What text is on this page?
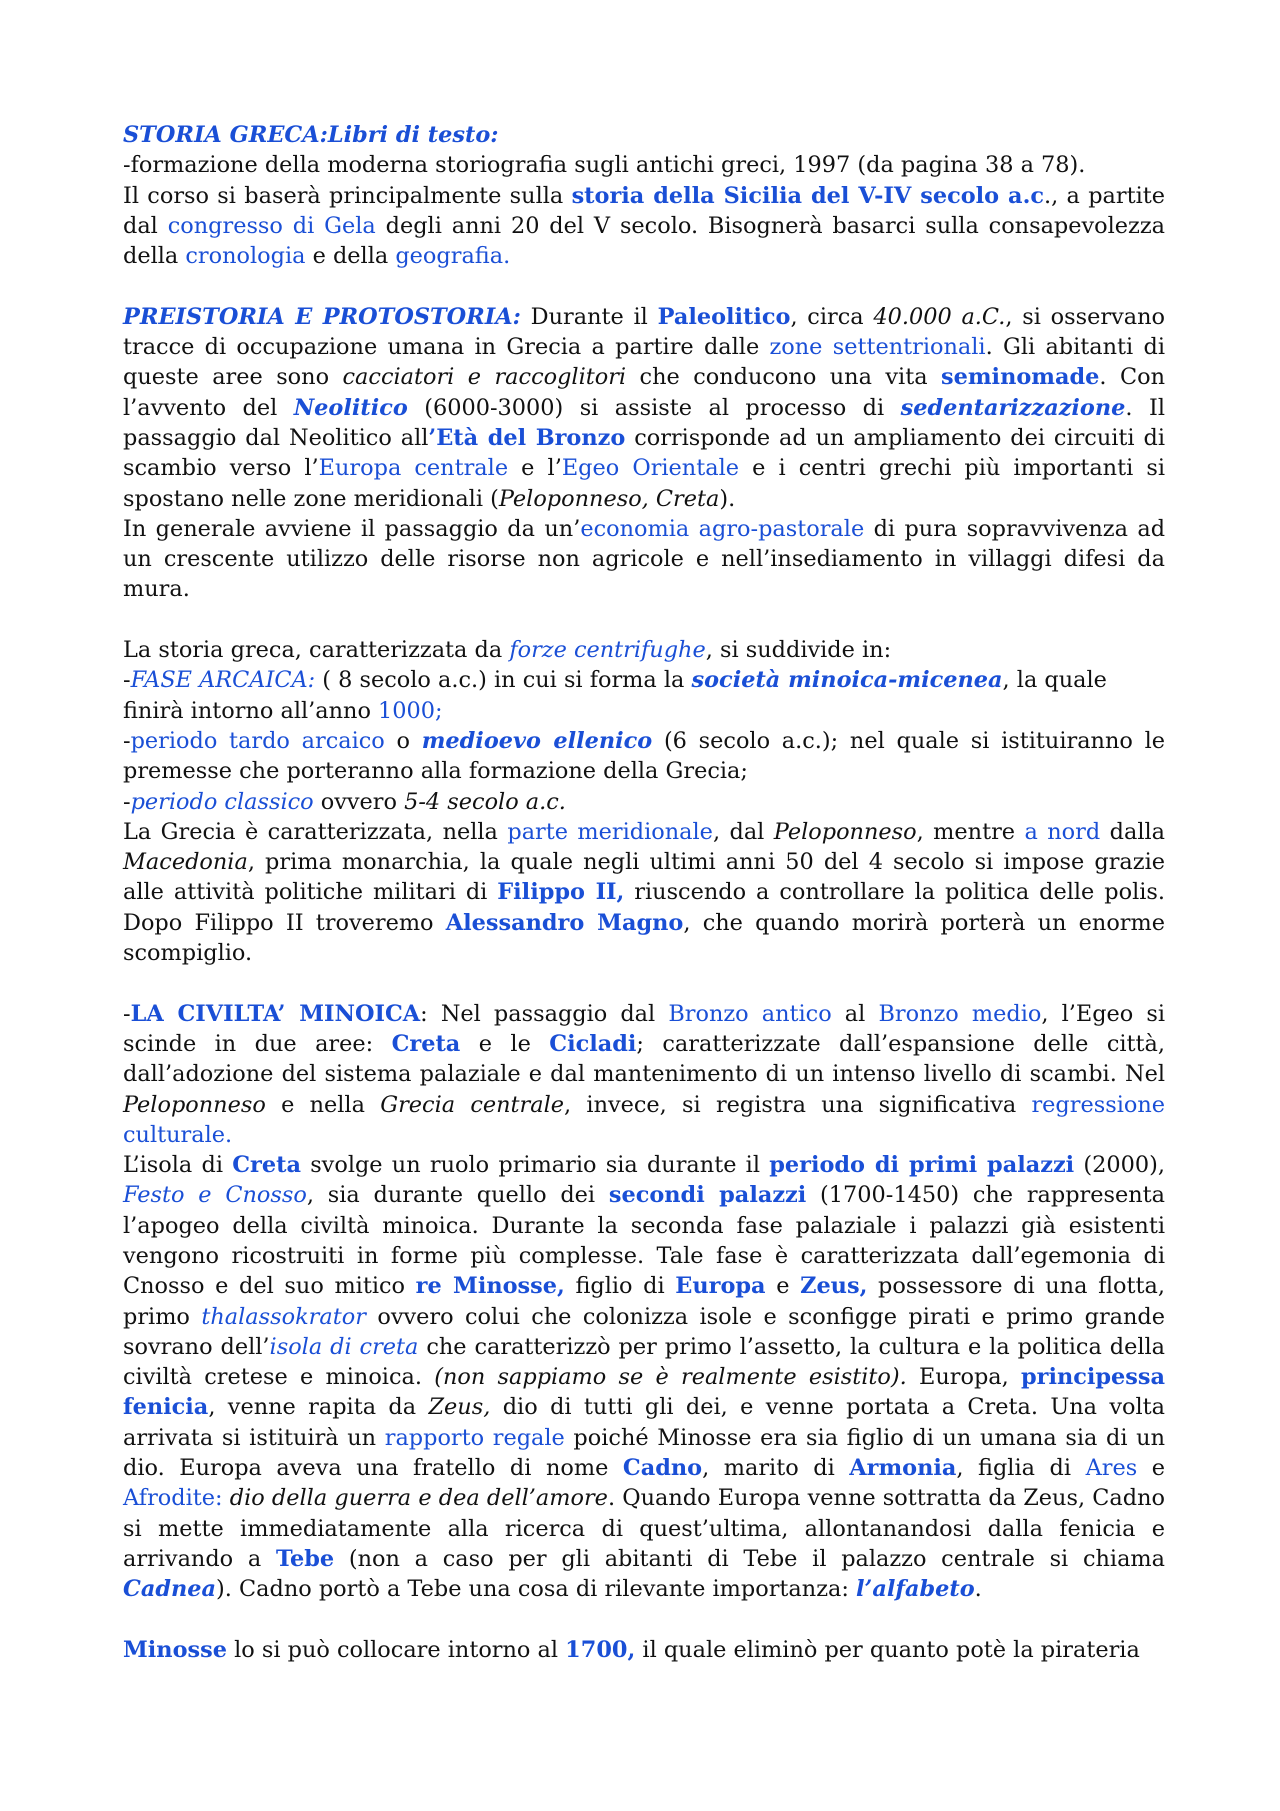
STORIA GRECA:Libri di testo:

-formazione della moderna storiografia sugli antichi greci, 1997 (da pagina 38 a 78).

Il corso si baserà principalmente sulla storia della Sicilia del V-IV secolo a.c., a partite dal congresso di Gela degli anni 20 del V secolo. Bisognerà basarci sulla consapevolezza della cronologia e della geografia.

PREISTORIA E PROTOSTORIA: Durante il Paleolitico, circa 40.000 a.C., si osservano tracce di occupazione umana in Grecia a partire dalle zone settentrionali. Gli abitanti di queste aree sono cacciatori e raccoglitori che conducono una vita seminomade. Con l’avvento del Neolitico (6000-3000) si assiste al processo di sedentarizzazione. Il passaggio dal Neolitico all’Età del Bronzo corrisponde ad un ampliamento dei circuiti di scambio verso l’Europa centrale e l’Egeo Orientale e i centri grechi più importanti si spostano nelle zone meridionali (Peloponneso, Creta).

In generale avviene il passaggio da un’economia agro-pastorale di pura sopravvivenza ad un crescente utilizzo delle risorse non agricole e nell’insediamento in villaggi difesi da mura.

La storia greca, caratterizzata da forze centrifughe, si suddivide in:

-FASE ARCAICA: ( 8 secolo a.c.) in cui si forma la società minoica-micenea, la quale finirà intorno all’anno 1000;

-periodo tardo arcaico o medioevo ellenico (6 secolo a.c.); nel quale si istituiranno le premesse che porteranno alla formazione della Grecia;

-periodo classico ovvero 5-4 secolo a.c.

La Grecia è caratterizzata, nella parte meridionale, dal Peloponneso, mentre a nord dalla Macedonia, prima monarchia, la quale negli ultimi anni 50 del 4 secolo si impose grazie alle attività politiche militari di Filippo II, riuscendo a controllare la politica delle polis. Dopo Filippo II troveremo Alessandro Magno, che quando morirà porterà un enorme scompiglio.

-LA CIVILTA’ MINOICA: Nel passaggio dal Bronzo antico al Bronzo medio, l’Egeo si scinde in due aree: Creta e le Cicladi; caratterizzate dall’espansione delle città, dall’adozione del sistema palaziale e dal mantenimento di un intenso livello di scambi. Nel Peloponneso e nella Grecia centrale, invece, si registra una significativa regressione culturale.

L’isola di Creta svolge un ruolo primario sia durante il periodo di primi palazzi (2000), Festo e Cnosso, sia durante quello dei secondi palazzi (1700-1450) che rappresenta l’apogeo della civiltà minoica. Durante la seconda fase palaziale i palazzi già esistenti vengono ricostruiti in forme più complesse. Tale fase è caratterizzata dall’egemonia di Cnosso e del suo mitico re Minosse, figlio di Europa e Zeus, possessore di una flotta, primo thalassokrator ovvero colui che colonizza isole e sconfigge pirati e primo grande sovrano dell’isola di creta che caratterizzò per primo l’assetto, la cultura e la politica della civiltà cretese e minoica. (non sappiamo se è realmente esistito). Europa, principessa fenicia, venne rapita da Zeus, dio di tutti gli dei, e venne portata a Creta. Una volta arrivata si istituirà un rapporto regale poiché Minosse era sia figlio di un umana sia di un dio. Europa aveva una fratello di nome Cadno, marito di Armonia, figlia di Ares e Afrodite: dio della guerra e dea dell’amore. Quando Europa venne sottratta da Zeus, Cadno si mette immediatamente alla ricerca di quest’ultima, allontanandosi dalla fenicia e arrivando a Tebe (non a caso per gli abitanti di Tebe il palazzo centrale si chiama Cadnea). Cadno portò a Tebe una cosa di rilevante importanza: l’alfabeto.

Minosse lo si può collocare intorno al 1700, il quale eliminò per quanto potè la pirateria
